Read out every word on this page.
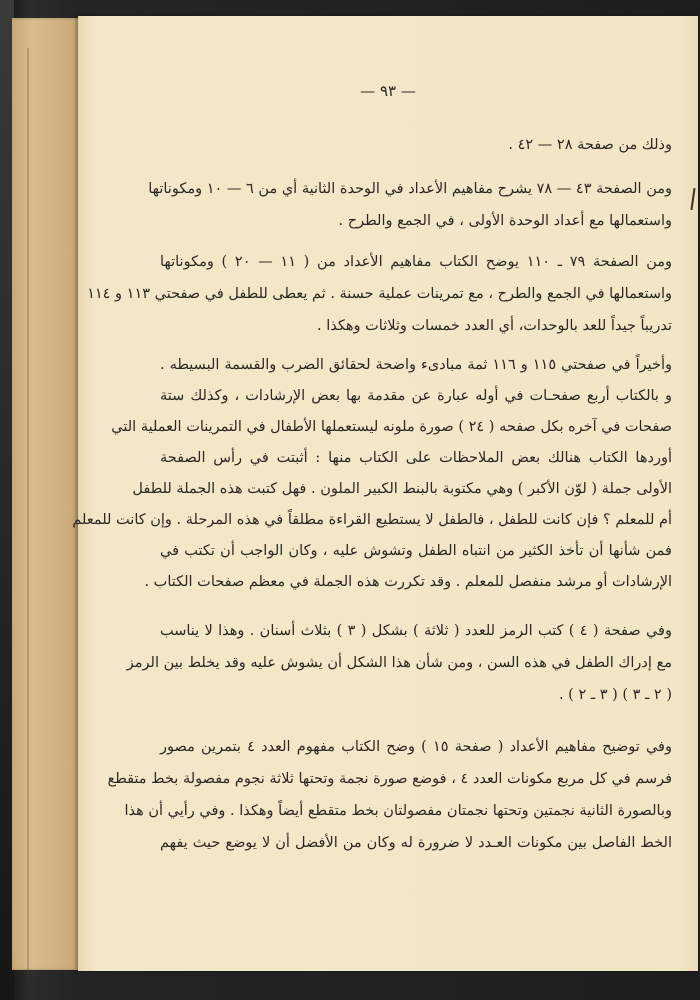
— ٩٣ —
وذلك من صفحة ٢٨ — ٤٢ .
ومن الصفحة ٤٣ — ٧٨ يشرح مفاهيم الأعداد في الوحدة الثانية أي من ٦ — ١٠ ومكوناتها
واستعمالها مع أعداد الوحدة الأولى ، في الجمع والطرح .
ومن الصفحة ٧٩ ـ ١١٠ يوضح الكتاب مفاهيم الأعداد من ( ١١ — ٢٠ ) ومكوناتها
واستعمالها في الجمع والطرح ، مع تمرينات عملية حسنة . ثم يعطى للطفل في صفحتي ١١٣ و ١١٤
تدريباً جيداً للعد بالوحدات، أي العدد خمسات وثلاثات وهكذا .
وأخيراً في صفحتي ١١٥ و ١١٦ ثمة مبادىء واضحة لحقائق الضرب والقسمة البسيطه .
و بالكتاب أربع صفحـات في أوله عبارة عن مقدمة بها بعض الإرشادات ، وكذلك ستة
صفحات في آخره بكل صفحه ( ٢٤ ) صورة ملونه ليستعملها الأطفال في التمرينات العملية التي
أوردها الكتاب هنالك بعض الملاحظات على الكتاب منها : أثبتت في رأس الصفحة
الأولى جملة ( لوّن الأكبر ) وهي مكتوبة بالبنط الكبير الملون . فهل كتبت هذه الجملة للطفل
أم للمعلم ؟ فإن كانت للطفل ، فالطفل لا يستطيع القراءة مطلقاً في هذه المرحلة . وإن كانت للمعلم
فمن شأنها أن تأخذ الكثير من انتباه الطفل وتشوش عليه ، وكان الواجب أن تكتب في
الإرشادات أو مرشد منفصل للمعلم . وقد تكررت هذه الجملة في معظم صفحات الكتاب .
وفي صفحة ( ٤ ) كتب الرمز للعدد ( ثلاثة ) بشكل ( ٣ ) بثلاث أسنان . وهذا لا يناسب
مع إدراك الطفل في هذه السن ، ومن شأن هذا الشكل أن يشوش عليه وقد يخلط بين الرمز
( ٢ ـ ٣ ) ( ٣ ـ ٢ ) .
وفي توضيح مفاهيم الأعداد ( صفحة ١٥ ) وضح الكتاب مفهوم العدد ٤ بتمرين مصور
فرسم في كل مربع مكونات العدد ٤ ، فوضع صورة نجمة وتحتها ثلاثة نجوم مفصولة بخط متقطع
وبالصورة الثانية نجمتين وتحتها نجمتان مفصولتان بخط متقطع أيضاً وهكذا . وفي رأيي أن هذا
الخط الفاصل بين مكونات العـدد لا ضرورة له وكان من الأفضل أن لا يوضع حيث يفهم
